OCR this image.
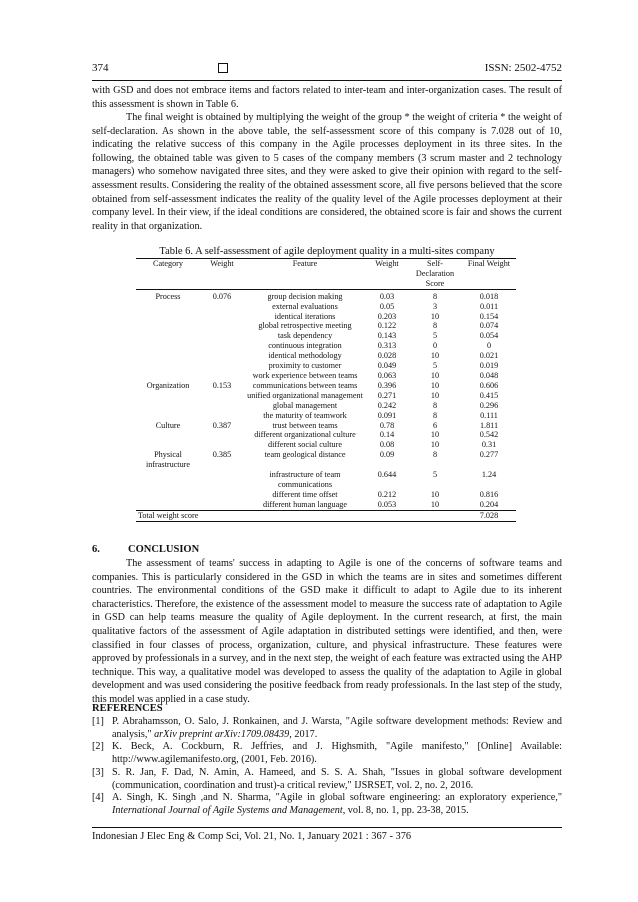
374	ISSN: 2502-4752

with GSD and does not embrace items and factors related to inter-team and inter-organization cases. The result of this assessment is shown in Table 6.

The final weight is obtained by multiplying the weight of the group * the weight of criteria * the weight of self-declaration. As shown in the above table, the self-assessment score of this company is 7.028 out of 10, indicating the relative success of this company in the Agile processes deployment in its three sites. In the following, the obtained table was given to 5 cases of the company members (3 scrum master and 2 technology managers) who somehow navigated three sites, and they were asked to give their opinion with regard to the self-assessment results. Considering the reality of the obtained assessment score, all five persons believed that the score obtained from self-assessment indicates the reality of the quality level of the Agile processes deployment at their company level. In their view, if the ideal conditions are considered, the obtained score is fair and shows the current reality in that organization.

Table 6. A self-assessment of agile deployment quality in a multi-sites company
Category	Weight	Feature	Weight	Self-Declaration Score	Final Weight
Process	0.076	group decision making	0.03	8	0.018
		external evaluations	0.05	3	0.011
		identical iterations	0.203	10	0.154
		global retrospective meeting	0.122	8	0.074
		task dependency	0.143	5	0.054
		continuous integration	0.313	0	0
		identical methodology	0.028	10	0.021
		proximity to customer	0.049	5	0.019
		work experience between teams	0.063	10	0.048
Organization	0.153	communications between teams	0.396	10	0.606
		unified organizational management	0.271	10	0.415
		global management	0.242	8	0.296
		the maturity of teamwork	0.091	8	0.111
Culture	0.387	trust between teams	0.78	6	1.811
		different organizational culture	0.14	10	0.542
		different social culture	0.08	10	0.31
Physical infrastructure	0.385	team geological distance	0.09	8	0.277
		infrastructure of team communications	0.644	5	1.24
		different time offset	0.212	10	0.816
		different human language	0.053	10	0.204
Total weight score					7.028
6.	CONCLUSION

The assessment of teams' success in adapting to Agile is one of the concerns of software teams and companies. This is particularly considered in the GSD in which the teams are in sites and sometimes different countries. The environmental conditions of the GSD make it difficult to adapt to Agile due to its inherent characteristics. Therefore, the existence of the assessment model to measure the success rate of adaptation to Agile in GSD can help teams measure the quality of Agile deployment. In the current research, at first, the main qualitative factors of the assessment of Agile adaptation in distributed settings were identified, and then, were classified in four classes of process, organization, culture, and physical infrastructure. These features were approved by professionals in a survey, and in the next step, the weight of each feature was extracted using the AHP technique. This way, a qualitative model was developed to assess the quality of the adaptation to Agile in global development and was used considering the positive feedback from ready professionals. In the last step of the study, this model was applied in a case study.

REFERENCES

[1] P. Abrahamsson, O. Salo, J. Ronkainen, and J. Warsta, "Agile software development methods: Review and analysis," arXiv preprint arXiv:1709.08439, 2017.

[2] K. Beck, A. Cockburn, R. Jeffries, and J. Highsmith, "Agile manifesto," [Online] Available: http://www.agilemanifesto.org, (2001, Feb. 2016).

[3] S. R. Jan, F. Dad, N. Amin, A. Hameed, and S. S. A. Shah, "Issues in global software development (communication, coordination and trust)-a critical review," IJSRSET, vol. 2, no. 2, 2016.

[4] A. Singh, K. Singh ,and N. Sharma, "Agile in global software engineering: an exploratory experience," International Journal of Agile Systems and Management, vol. 8, no. 1, pp. 23-38, 2015.

Indonesian J Elec Eng & Comp Sci, Vol. 21, No. 1, January 2021 : 367 - 376
